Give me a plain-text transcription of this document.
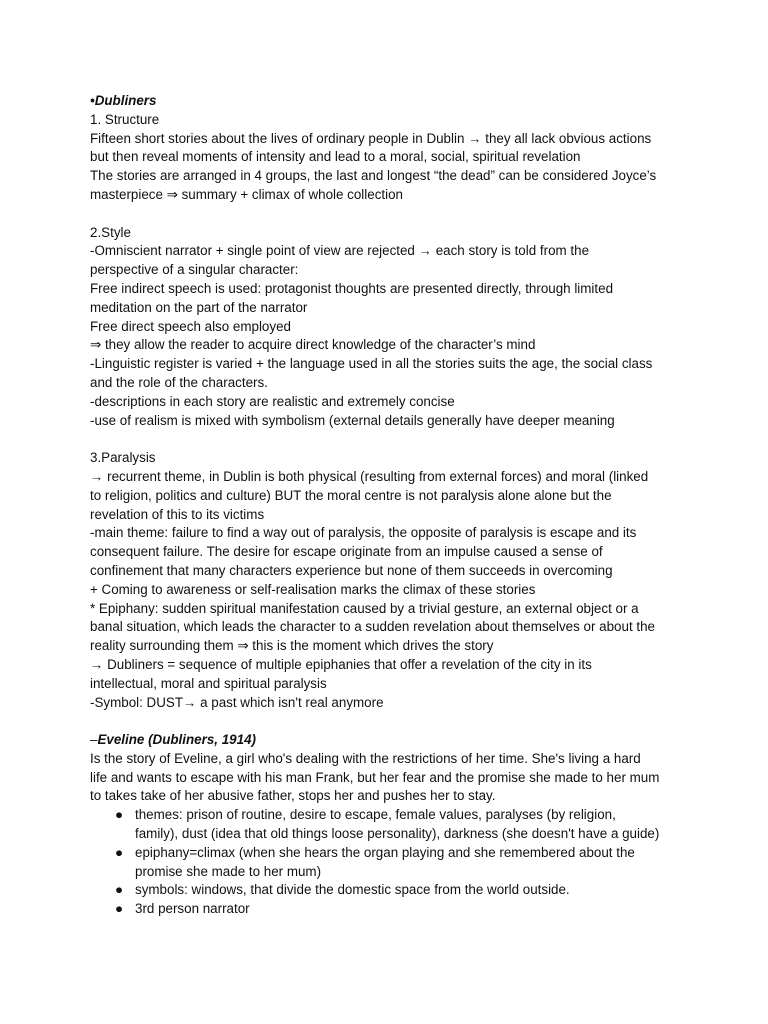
•Dubliners
1. Structure
Fifteen short stories about the lives of ordinary people in Dublin → they all lack obvious actions
but then reveal moments of intensity and lead to a moral, social, spiritual revelation
The stories are arranged in 4 groups, the last and longest “the dead” can be considered Joyce’s
masterpiece ⇒ summary + climax of whole collection
2.Style
-Omniscient narrator + single point of view are rejected → each story is told from the
perspective of a singular character:
Free indirect speech is used: protagonist thoughts are presented directly, through limited
meditation on the part of the narrator
Free direct speech also employed
⇒ they allow the reader to acquire direct knowledge of the character’s mind
-Linguistic register is varied + the language used in all the stories suits the age, the social class
and the role of the characters.
-descriptions in each story are realistic and extremely concise
-use of realism is mixed with symbolism (external details generally have deeper meaning
3.Paralysis
→ recurrent theme, in Dublin is both physical (resulting from external forces) and moral (linked
to religion, politics and culture) BUT the moral centre is not paralysis alone alone but the
revelation of this to its victims
-main theme: failure to find a way out of paralysis, the opposite of paralysis is escape and its
consequent failure. The desire for escape originate from an impulse caused a sense of
confinement that many characters experience but none of them succeeds in overcoming
+ Coming to awareness or self-realisation marks the climax of these stories
* Epiphany: sudden spiritual manifestation caused by a trivial gesture, an external object or a
banal situation, which leads the character to a sudden revelation about themselves or about the
reality surrounding them ⇒ this is the moment which drives the story
→ Dubliners = sequence of multiple epiphanies that offer a revelation of the city in its
intellectual, moral and spiritual paralysis
-Symbol: DUST→ a past which isn't real anymore
–Eveline (Dubliners, 1914)
Is the story of Eveline, a girl who's dealing with the restrictions of her time. She's living a hard
life and wants to escape with his man Frank, but her fear and the promise she made to her mum
to takes take of her abusive father, stops her and pushes her to stay.
● themes: prison of routine, desire to escape, female values, paralyses (by religion,
family), dust (idea that old things loose personality), darkness (she doesn't have a guide)
● epiphany=climax (when she hears the organ playing and she remembered about the
promise she made to her mum)
● symbols: windows, that divide the domestic space from the world outside.
● 3rd person narrator
